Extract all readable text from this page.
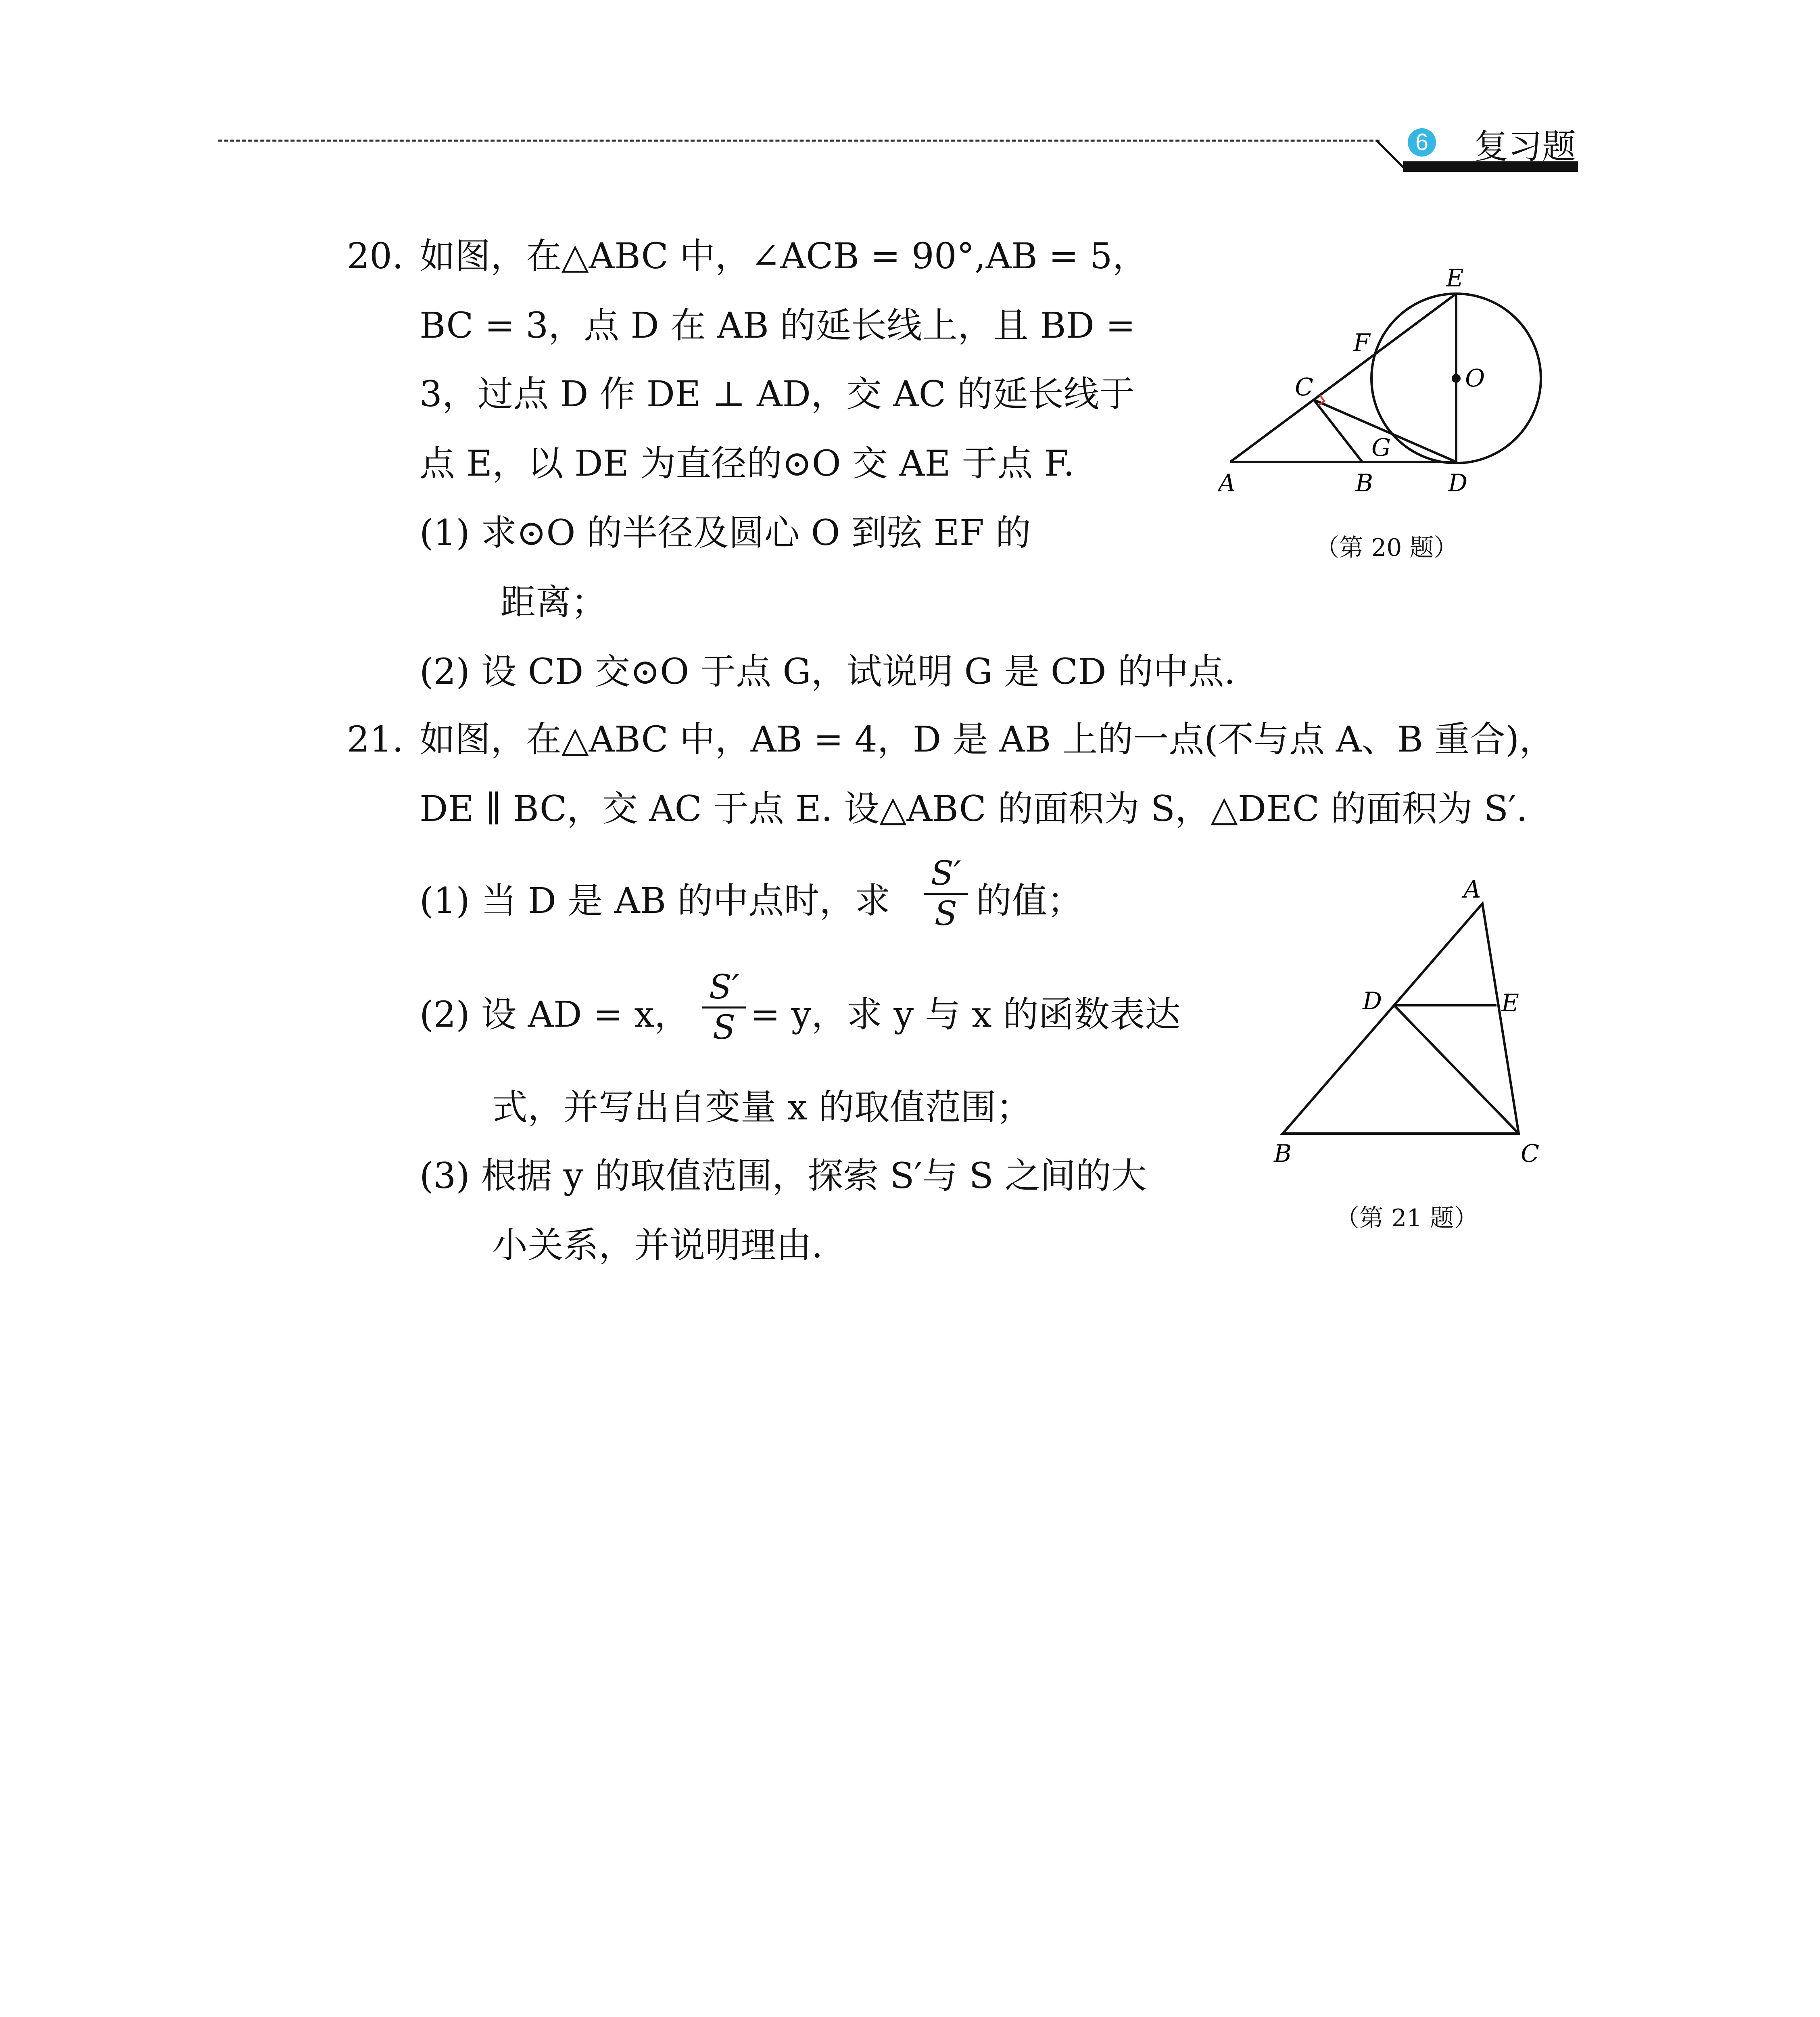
6 复习题
20. 如图，在△ABC 中，∠ACB = 90°,AB = 5，
BC = 3，点 D 在 AB 的延长线上，且 BD =
3，过点 D 作 DE ⊥ AD，交 AC 的延长线于
点 E，以 DE 为直径的⊙O 交 AE 于点 F.
(1) 求⊙O 的半径及圆心 O 到弦 EF 的
距离；
(2) 设 CD 交⊙O 于点 G，试说明 G 是 CD 的中点.
A	B	D
C
E
F
G
O
（第 20 题）
21. 如图，在△ABC 中，AB = 4，D 是 AB 上的一点(不与点 A、B 重合)，
DE ∥ BC，交 AC 于点 E. 设△ABC 的面积为 S，△DEC 的面积为 S′.
(1) 当 D 是 AB 的中点时，求 $\frac{S'}{S}$ 的值；
(2) 设 AD = x， $\frac{S'}{S} = y$，求 y 与 x 的函数表达
式，并写出自变量 x 的取值范围；
(3) 根据 y 的取值范围，探索 S′与 S 之间的大
小关系，并说明理由.
A
D	E
B	C
（第 21 题）
